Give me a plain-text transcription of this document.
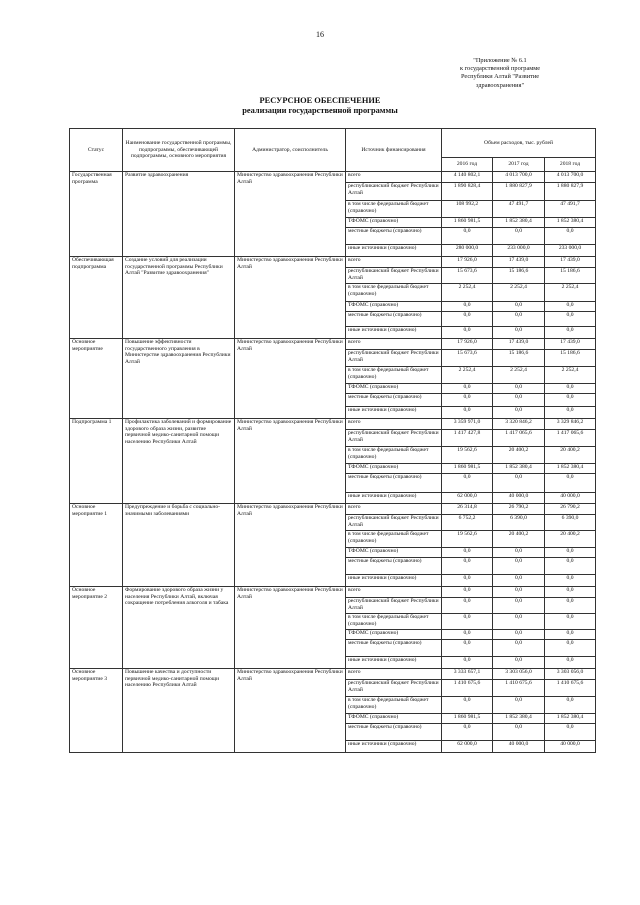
16
"Приложение № 6.1
к государственной программе
Республики Алтай "Развитие
здравоохранения"
РЕСУРСНОЕ ОБЕСПЕЧЕНИЕ
реализации государственной программы
Статус	Наименование государственной программы, подпрограммы, обеспечивающей подпрограммы, основного мероприятия	Администратор, соисполнитель	Источник финансирования	Объем расходов, тыс. рублей		
				2016 год	2017 год	2018 год
Государственная программа	Развитие здравоохранения	Министерство здравоохранения Республики Алтай	всего	4 140 802,1	4 013 700,0	4 013 700,0
			республиканский бюджет Республики Алтай	1 890 828,4	1 880 827,9	1 880 827,9
			в том числе федеральный бюджет (справочно)	108 992,2	47 491,7	47 491,7
			ТФОМС (справочно)	1 860 981,5	1 852 380,4	1 852 380,4
			местные бюджеты (справочно)	0,0	0,0	0,0
			иные источники (справочно)	280 000,0	233 000,0	233 000,0
Обеспечивающая подпрограмма	Создание условий для реализации государственной программы Республики Алтай "Развитие здравоохранения"	Министерство здравоохранения Республики Алтай	всего	17 926,0	17 439,0	17 439,0
			республиканский бюджет Республики Алтай	15 673,6	15 186,6	15 186,6
			в том числе федеральный бюджет (справочно)	2 252,4	2 252,4	2 252,4
			ТФОМС (справочно)	0,0	0,0	0,0
			местные бюджеты (справочно)	0,0	0,0	0,0
			иные источники (справочно)	0,0	0,0	0,0
Основное мероприятие	Повышение эффективности государственного управления в Министерстве здравоохранения Республики Алтай	Министерство здравоохранения Республики Алтай	всего	17 926,0	17 439,0	17 439,0
			республиканский бюджет Республики Алтай	15 673,6	15 186,6	15 186,6
			в том числе федеральный бюджет (справочно)	2 252,4	2 252,4	2 252,4
			ТФОМС (справочно)	0,0	0,0	0,0
			местные бюджеты (справочно)	0,0	0,0	0,0
			иные источники (справочно)	0,0	0,0	0,0
Подпрограмма 1	Профилактика заболеваний и формирование здорового образа жизни, развитие первичной медико-санитарной помощи населению Республики Алтай	Министерство здравоохранения Республики Алтай	всего	3 359 971,0	3 320 846,2	3 329 846,2
			республиканский бюджет Республики Алтай	1 417 427,8	1 417 065,6	1 417 065,6
			в том числе федеральный бюджет (справочно)	19 562,6	20 400,2	20 400,2
			ТФОМС (справочно)	1 860 981,5	1 852 380,4	1 852 380,4
			местные бюджеты (справочно)	0,0	0,0	0,0
			иные источники (справочно)	62 000,0	40 000,0	40 000,0
Основное мероприятие 1	Предупреждение и борьба с социально-значимыми заболеваниями	Министерство здравоохранения Республики Алтай	всего	26 314,8	26 790,2	26 790,2
			республиканский бюджет Республики Алтай	6 752,2	6 390,0	6 390,0
			в том числе федеральный бюджет (справочно)	19 562,6	20 400,2	20 400,2
			ТФОМС (справочно)	0,0	0,0	0,0
			местные бюджеты (справочно)	0,0	0,0	0,0
			иные источники (справочно)	0,0	0,0	0,0
Основное мероприятие 2	Формирование здорового образа жизни у населения Республики Алтай, включая сокращение потребления алкоголя и табака	Министерство здравоохранения Республики Алтай	всего	0,0	0,0	0,0
			республиканский бюджет Республики Алтай	0,0	0,0	0,0
			в том числе федеральный бюджет (справочно)	0,0	0,0	0,0
			ТФОМС (справочно)	0,0	0,0	0,0
			местные бюджеты (справочно)	0,0	0,0	0,0
			иные источники (справочно)	0,0	0,0	0,0
Основное мероприятие 3	Повышение качества и доступности первичной медико-санитарной помощи населению Республики Алтай	Министерство здравоохранения Республики Алтай	всего	3 333 657,1	3 303 056,0	3 303 056,0
			республиканский бюджет Республики Алтай	1 410 675,6	1 410 675,6	1 410 675,6
			в том числе федеральный бюджет (справочно)	0,0	0,0	0,0
			ТФОМС (справочно)	1 860 981,5	1 852 380,4	1 852 380,4
			местные бюджеты (справочно)	0,0	0,0	0,0
			иные источники (справочно)	62 000,0	40 000,0	40 000,0
